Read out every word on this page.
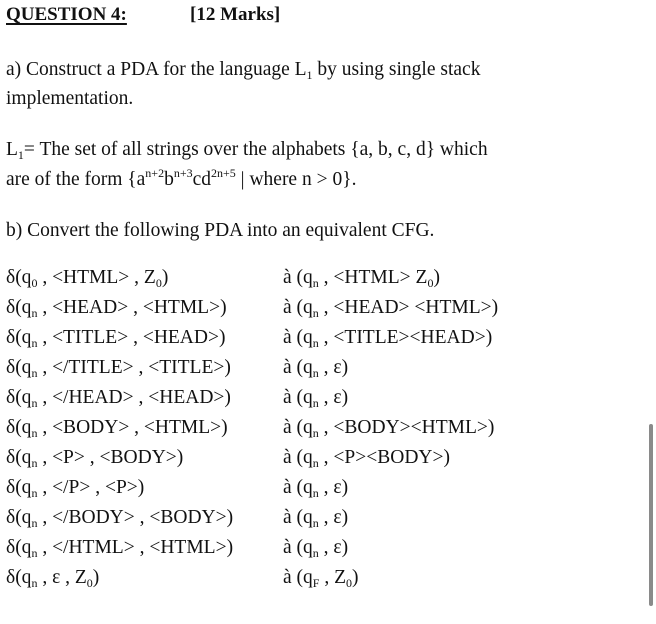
QUESTION 4:	[12 Marks]
a) Construct a PDA for the language $L_1$ by using single stack
implementation.
$L_1=$ The set of all strings over the alphabets {a, b, c, d} which
are of the form {$a^{n+2}b^{n+3}cd^{2n+5}$ | where n > 0}.
b) Convert the following PDA into an equivalent CFG.
$\delta(q_0$ , <HTML> , $Z_0$)	à ($q_n$ , <HTML> $Z_0$)
$\delta(q_n$ , <HEAD> , <HTML>)	à ($q_n$ , <HEAD> <HTML>)
$\delta(q_n$ , <TITLE> , <HEAD>)	à ($q_n$ , <TITLE><HEAD>)
$\delta(q_n$ , </TITLE> , <TITLE>)	à ($q_n$ , ε)
$\delta(q_n$ , </HEAD> , <HEAD>)	à ($q_n$ , ε)
$\delta(q_n$ , <BODY> , <HTML>)	à ($q_n$ , <BODY><HTML>)
$\delta(q_n$ , <P> , <BODY>)	à ($q_n$ , <P><BODY>)
$\delta(q_n$ , </P> , <P>)	à ($q_n$ , ε)
$\delta(q_n$ , </BODY> , <BODY>)	à ($q_n$ , ε)
$\delta(q_n$ , </HTML> , <HTML>)	à ($q_n$ , ε)
$\delta(q_n$ , ε , $Z_0$)	à ($q_F$ , $Z_0$)
